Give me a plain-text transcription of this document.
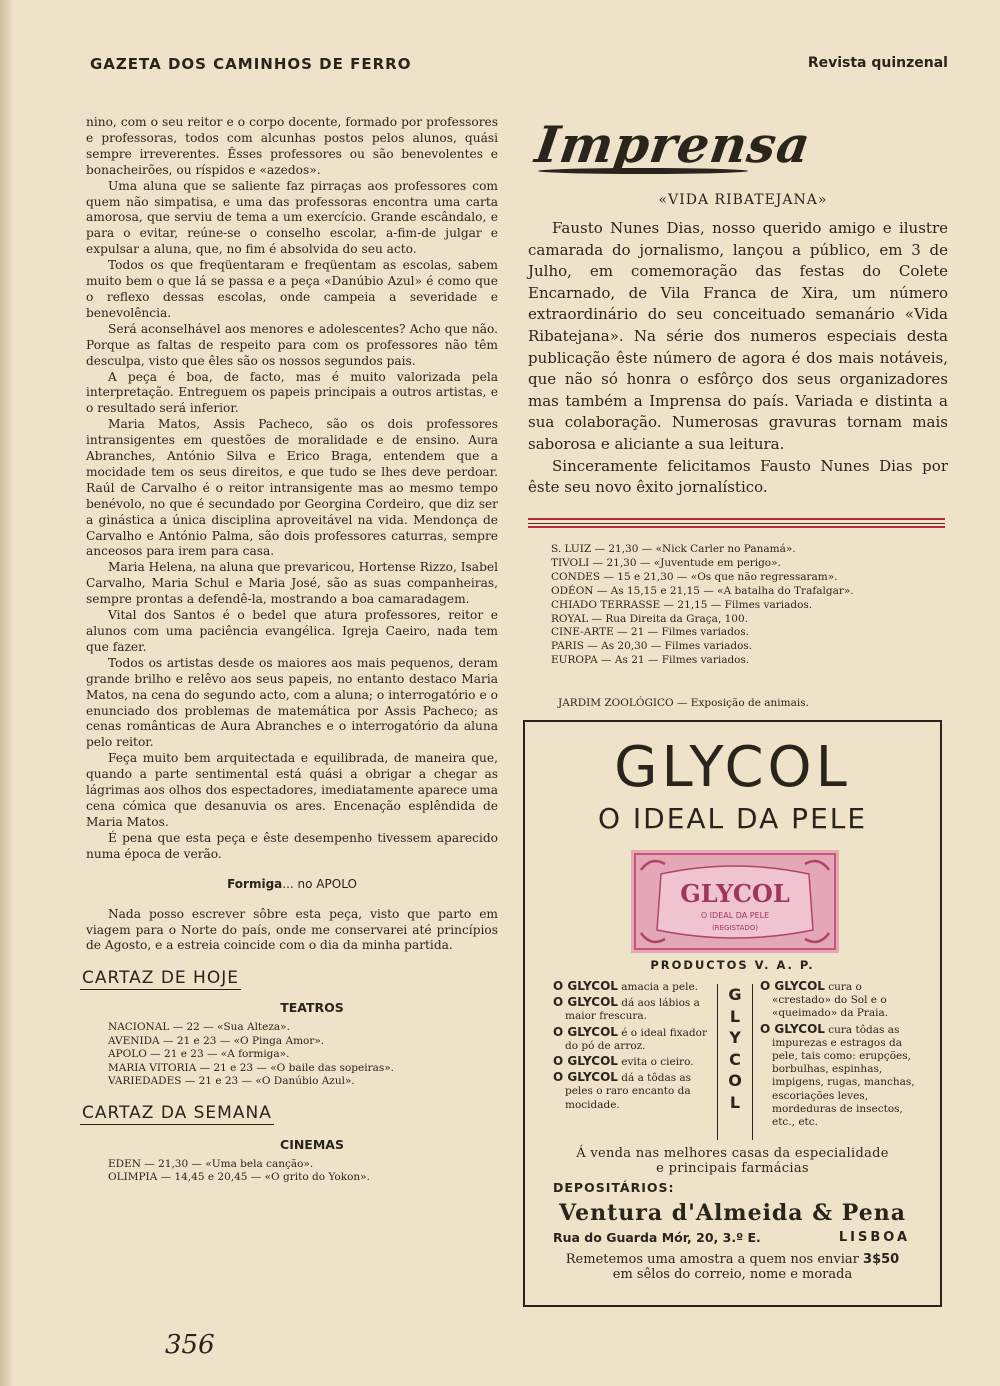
GAZETA DOS CAMINHOS DE FERRO	Revista quinzenal

nino, com o seu reitor e o corpo docente, formado por professores e professoras, todos com alcunhas postos pelos alunos, quási sempre irreverentes. Êsses professores ou são benevolentes e bonacheirões, ou ríspidos e «azedos».

Uma aluna que se saliente faz pirraças aos professores com quem não simpatisa, e uma das professoras encontra uma carta amorosa, que serviu de tema a um exercício. Grande escândalo, e para o evitar, reúne-se o conselho escolar, a-fim-de julgar e expulsar a aluna, que, no fim é absolvida do seu acto.

Todos os que freqüentaram e freqüentam as escolas, sabem muito bem o que lá se passa e a peça «Danúbio Azul» é como que o reflexo dessas escolas, onde campeia a severidade e benevolência.

Será aconselhável aos menores e adolescentes? Acho que não. Porque as faltas de respeito para com os professores não têm desculpa, visto que êles são os nossos segundos pais.

A peça é boa, de facto, mas é muito valorizada pela interpretação. Entreguem os papeis principais a outros artistas, e o resultado será inferior.

Maria Matos, Assis Pacheco, são os dois professores intransigentes em questões de moralidade e de ensino. Aura Abranches, António Silva e Erico Braga, entendem que a mocidade tem os seus direitos, e que tudo se lhes deve perdoar. Raúl de Carvalho é o reitor intransigente mas ao mesmo tempo benévolo, no que é secundado por Georgina Cordeiro, que diz ser a ginástica a única disciplina aproveitável na vida. Mendonça de Carvalho e António Palma, são dois professores caturras, sempre anceosos para irem para casa.

Maria Helena, na aluna que prevaricou, Hortense Rizzo, Isabel Carvalho, Maria Schul e Maria José, são as suas companheiras, sempre prontas a defendê-la, mostrando a boa camaradagem.

Vital dos Santos é o bedel que atura professores, reitor e alunos com uma paciência evangélica. Igreja Caeiro, nada tem que fazer.

Todos os artistas desde os maiores aos mais pequenos, deram grande brilho e relêvo aos seus papeis, no entanto destaco Maria Matos, na cena do segundo acto, com a aluna; o interrogatório e o enunciado dos problemas de matemática por Assis Pacheco; as cenas românticas de Aura Abranches e o interrogatório da aluna pelo reitor.

Feça muito bem arquitectada e equilibrada, de maneira que, quando a parte sentimental está quási a obrigar a chegar as lágrimas aos olhos dos espectadores, imediatamente aparece uma cena cómica que desanuvia os ares. Encenação esplêndida de Maria Matos.

É pena que esta peça e êste desempenho tivessem aparecido numa época de verão.

Formiga... no APOLO

Nada posso escrever sôbre esta peça, visto que parto em viagem para o Norte do país, onde me conservarei até princípios de Agosto, e a estreia coincide com o dia da minha partida.

CARTAZ DE HOJE
TEATROS
NACIONAL — 22 — «Sua Alteza».
AVENIDA — 21 e 23 — «O Pinga Amor».
APOLO — 21 e 23 — «A formiga».
MARIA VITORIA — 21 e 23 — «O baile das sopeiras».
VARIEDADES — 21 e 23 — «O Danúbio Azul».
CARTAZ DA SEMANA
CINEMAS
EDEN — 21,30 — «Uma bela canção».
OLIMPIA — 14,45 e 20,45 — «O grito do Yokon».
356
Imprensa
«VIDA RIBATEJANA»

Fausto Nunes Dias, nosso querido amigo e ilustre camarada do jornalismo, lançou a público, em 3 de Julho, em comemoração das festas do Colete Encarnado, de Vila Franca de Xira, um número extraordinário do seu conceituado semanário «Vida Ribatejana». Na série dos numeros especiais desta publicação êste número de agora é dos mais notáveis, que não só honra o esfôrço dos seus organizadores mas também a Imprensa do país. Variada e distinta a sua colaboração. Numerosas gravuras tornam mais saborosa e aliciante a sua leitura.

Sinceramente felicitamos Fausto Nunes Dias por êste seu novo êxito jornalístico.

S. LUIZ — 21,30 — «Nick Carler no Panamá».
TIVOLI — 21,30 — «Juventude em perigo».
CONDES — 15 e 21,30 — «Os que não regressaram».
ODÉON — As 15,15 e 21,15 — «A batalha do Trafalgar».
CHIADO TERRASSE — 21,15 — Filmes variados.
ROYAL — Rua Direita da Graça, 100.
CINE-ARTE — 21 — Filmes variados.
PARIS — As 20,30 — Filmes variados.
EUROPA — As 21 — Filmes variados.
JARDIM ZOOLÓGICO — Exposição de animais.
GLYCOL
O IDEAL DA PELE
GLYCOL
O IDEAL DA PELE
(REGISTADO)
PRODUCTOS V. A. P.

O GLYCOL amacia a pele.

O GLYCOL dá aos lábios a maior frescura.

O GLYCOL é o ideal fixador do pó de arroz.

O GLYCOL evita o cieiro.

O GLYCOL dá a tôdas as peles o raro encanto da mocidade.

G
L
Y
C
O
L

O GLYCOL cura o «crestado» do Sol e o «queimado» da Praia.

O GLYCOL cura tôdas as impurezas e estragos da pele, tais como: erupções, borbulhas, espinhas, impigens, rugas, manchas, escoriações leves, mordeduras de insectos, etc., etc.

Á venda nas melhores casas da especialidade
e principais farmácias
DEPOSITÁRIOS:
Ventura d'Almeida & Pena
Rua do Guarda Mór, 20, 3.º E.	LISBOA
Remetemos uma amostra a quem nos enviar 3$50
em sêlos do correio, nome e morada
